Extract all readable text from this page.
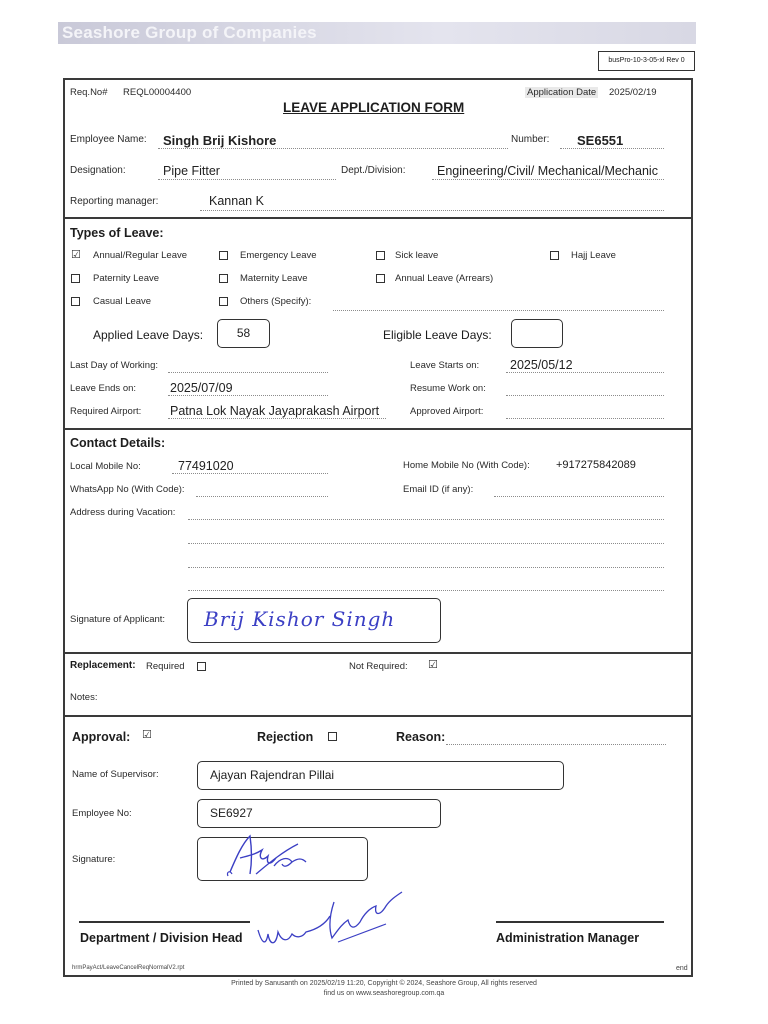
Seashore Group of Companies
busPro-10-3-05-xl Rev 0
Req.No# REQL00004400	Application Date 2025/02/19
LEAVE APPLICATION FORM
Employee Name: Singh Brij Kishore	Number: SE6551
Designation:	Pipe Fitter	Dept./Division:	Engineering/Civil/ Mechanical/Mechanic
Reporting manager:	Kannan K
Types of Leave:
☑ Annual/Regular Leave	Emergency Leave	Sick leave	Hajj Leave
Paternity Leave	Maternity Leave	Annual Leave (Arrears)
Casual Leave	Others (Specify):
Applied Leave Days:	58	Eligible Leave Days:
Last Day of Working:	Leave Starts on: 2025/05/12
Leave Ends on:	2025/07/09	Resume Work on:
Required Airport: Patna Lok Nayak Jayaprakash Airport	Approved Airport:
Contact Details:
Local Mobile No:	77491020	Home Mobile No (With Code): +917275842089
WhatsApp No (With Code):	Email ID (if any):
Address during Vacation:
Signature of Applicant: Brij Kishor Singh
Replacement: Required	Not Required: ☑
Notes:
Approval: ☑	Rejection	Reason:
Name of Supervisor:	Ajayan Rajendran Pillai
Employee No:	SE6927
Signature:
Department / Division Head	Administration Manager
hrmPayAct/LeaveCancelReqNormalV2.rpt	end
Printed by Sanusanth on 2025/02/19 11:20, Copyright © 2024, Seashore Group, All rights reserved
find us on www.seashoregroup.com.qa
